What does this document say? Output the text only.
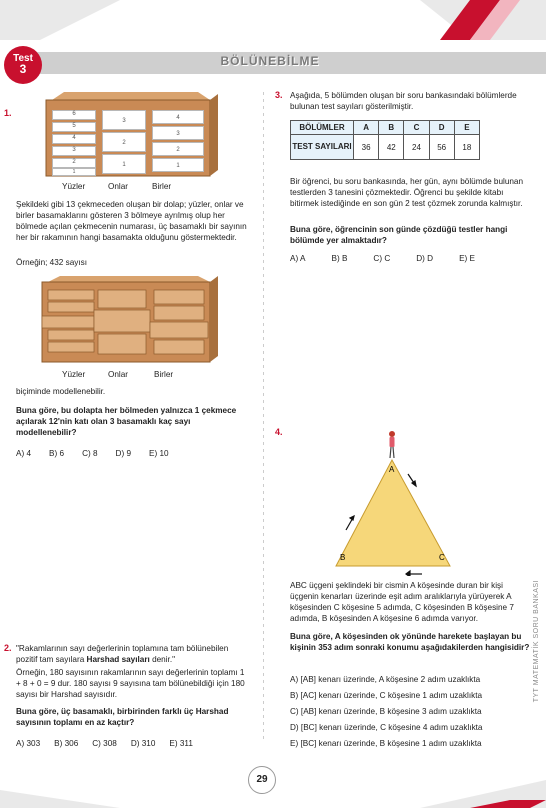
Test
3
BÖLÜNEBİLME
1.	6
5
4
3
2
1
3
2
1
4
3
2
1
Yüzler	Onlar	Birler
Şekildeki gibi 13 çekmeceden oluşan bir dolap; yüzler, onlar ve birler basamaklarını gösteren 3 bölmeye ayrılmış olup her bölmede açılan çekmecenin numarası, üç basamaklı bir sayının her bir rakamının hangi basamakta olduğunu göstermektedir.
Örneğin; 432 sayısı
Yüzler	Onlar	Birler
biçiminde modellenebilir.
Buna göre, bu dolapta her bölmeden yalnızca 1 çekmece açılarak 12'nin katı olan 3 basamaklı kaç sayı modellenebilir?
A) 4 B) 6 C) 8 D) 9 E) 10
2. "Rakamlarının sayı değerlerinin toplamına tam bölünebilen pozitif tam sayılara Harshad sayıları denir."
Örneğin, 180 sayısının rakamlarının sayı değerlerinin toplamı 1 + 8 + 0 = 9 dur. 180 sayısı 9 sayısına tam bölünebildiği için 180 sayısı bir Harshad sayısıdır.
Buna göre, üç basamaklı, birbirinden farklı üç Harshad sayısının toplamı en az kaçtır?
A) 303 B) 306 C) 308 D) 310 E) 311
3. Aşağıda, 5 bölümden oluşan bir soru bankasındaki bölümlerde bulunan test sayıları gösterilmiştir.
BÖLÜMLER	A	B	C	D	E
TEST SAYILARI	36	42	24	56	18
Bir öğrenci, bu soru bankasında, her gün, aynı bölümde bulunan testlerden 3 tanesini çözmektedir. Öğrenci bu şekilde kitabı bitirmek istediğinde en son gün 2 test çözmek zorunda kalmıştır.
Buna göre, öğrencinin son günde çözdüğü testler hangi bölümde yer almaktadır?
A) A	B) B	C) C	D) D	E) E
4.
A
B	C
ABC üçgeni şeklindeki bir cismin A köşesinde duran bir kişi üçgenin kenarları üzerinde eşit adım aralıklarıyla yürüyerek A köşesinden C köşesine 5 adımda, C köşesinden B köşesine 7 adımda, B köşesinden A köşesine 6 adımda varıyor.
Buna göre, A köşesinden ok yönünde harekete başlayan bu kişinin 353 adım sonraki konumu aşağıdakilerden hangisidir?
A) [AB] kenarı üzerinde, A köşesine 2 adım uzaklıkta
B) [AC] kenarı üzerinde, C köşesine 1 adım uzaklıkta
C) [AB] kenarı üzerinde, B köşesine 3 adım uzaklıkta
D) [BC] kenarı üzerinde, C köşesine 4 adım uzaklıkta
E) [BC] kenarı üzerinde, B köşesine 1 adım uzaklıkta
TYT MATEMATİK SORU BANKASI
29
